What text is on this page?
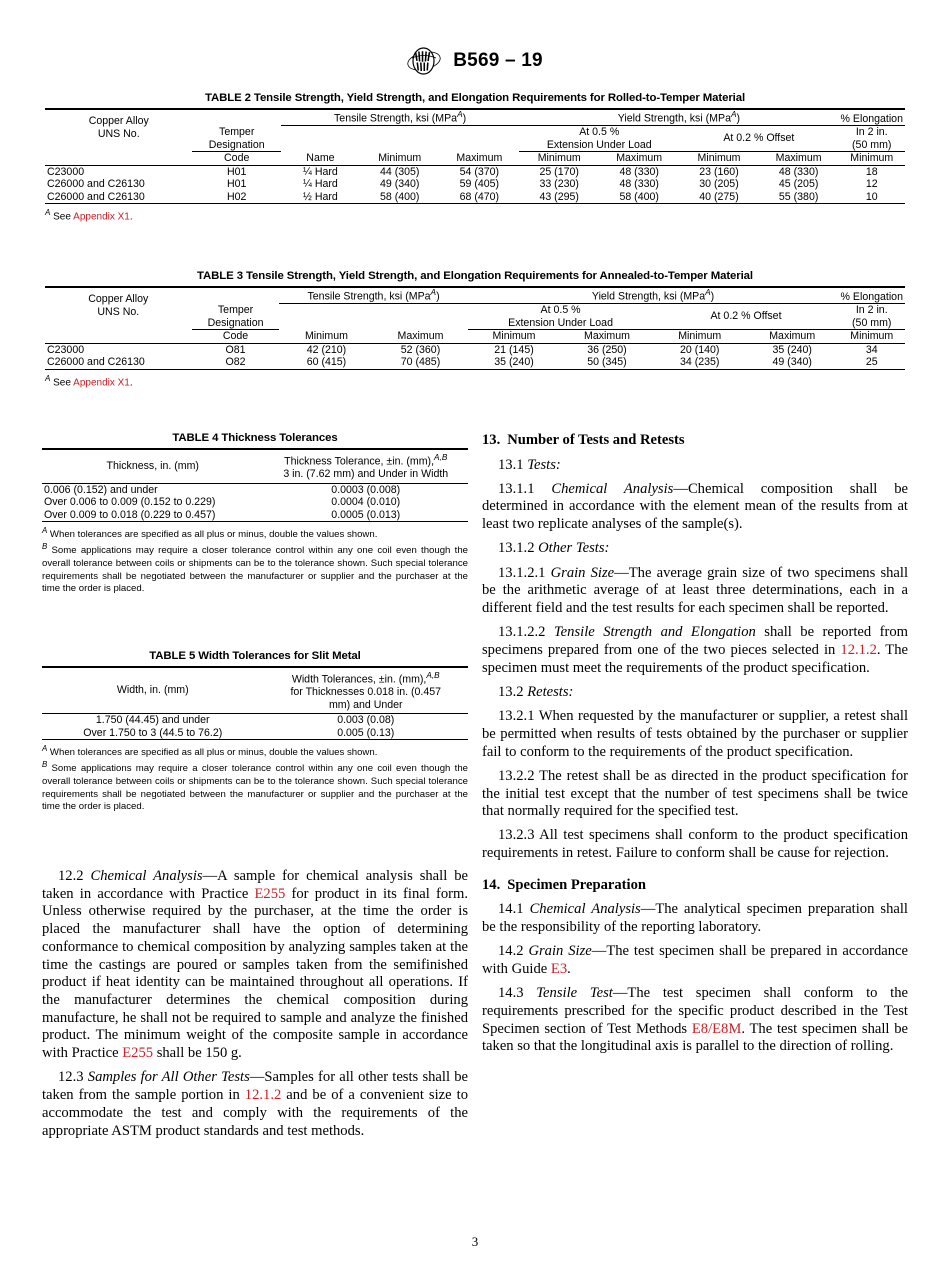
B569 – 19
TABLE 2 Tensile Strength, Yield Strength, and Elongation Requirements for Rolled-to-Temper Material
Copper Alloy
UNS No.		Tensile Strength, ksi (MPa$^A$)			Yield Strength, ksi (MPa$^A$)				% Elongation
	Temper				At 0.5 %		At 0.2 % Offset		In 2 in.
	Designation				Extension Under Load				(50 mm)
	Code	Name	Minimum	Maximum	Minimum	Maximum	Minimum	Maximum	Minimum
C23000	H01	¼ Hard	44 (305)	54 (370)	25 (170)	48 (330)	23 (160)	48 (330)	18
C26000 and C26130	H01	¼ Hard	49 (340)	59 (405)	33 (230)	48 (330)	30 (205)	45 (205)	12
C26000 and C26130	H02	½ Hard	58 (400)	68 (470)	43 (295)	58 (400)	40 (275)	55 (380)	10
$^A$ See Appendix X1.
TABLE 3 Tensile Strength, Yield Strength, and Elongation Requirements for Annealed-to-Temper Material
Copper Alloy
UNS No.		Tensile Strength, ksi (MPa$^A$)		Yield Strength, ksi (MPa$^A$)				% Elongation
	Temper			At 0.5 %		At 0.2 % Offset		In 2 in.
	Designation			Extension Under Load				(50 mm)
	Code	Minimum	Maximum	Minimum	Maximum	Minimum	Maximum	Minimum
C23000	O81	42 (210)	52 (360)	21 (145)	36 (250)	20 (140)	35 (240)	34
C26000 and C26130	O82	60 (415)	70 (485)	35 (240)	50 (345)	34 (235)	49 (340)	25
$^A$ See Appendix X1.
TABLE 4 Thickness Tolerances
Thickness, in. (mm)	Thickness Tolerance, ±in. (mm),$^{A,B}$
3 in. (7.62 mm) and Under in Width

0.006 (0.152) and under	0.0003 (0.008)
Over 0.006 to 0.009 (0.152 to 0.229)	0.0004 (0.010)
Over 0.009 to 0.018 (0.229 to 0.457)	0.0005 (0.013)

$^A$ When tolerances are specified as all plus or minus, double the values shown.

$^B$ Some applications may require a closer tolerance control within any one coil even though the overall tolerance between coils or shipments can be to the tolerance shown. Such special tolerance requirements shall be negotiated between the manufacturer or supplier and the purchaser at the time the order is placed.

TABLE 5 Width Tolerances for Slit Metal
Width, in. (mm)	Width Tolerances, ±in. (mm),$^{A,B}$
for Thicknesses 0.018 in. (0.457
mm) and Under

1.750 (44.45) and under	0.003 (0.08)
Over 1.750 to 3 (44.5 to 76.2)	0.005 (0.13)

$^A$ When tolerances are specified as all plus or minus, double the values shown.

$^B$ Some applications may require a closer tolerance control within any one coil even though the overall tolerance between coils or shipments can be to the tolerance shown. Such special tolerance requirements shall be negotiated between the manufacturer or supplier and the purchaser at the time the order is placed.

12.2 Chemical Analysis—A sample for chemical analysis shall be taken in accordance with Practice E255 for product in its final form. Unless otherwise required by the purchaser, at the time the order is placed the manufacturer shall have the option of determining conformance to chemical composition by analyzing samples taken at the time the castings are poured or samples taken from the semifinished product if heat identity can be maintained throughout all operations. If the manufacturer determines the chemical composition during manufacture, he shall not be required to sample and analyze the finished product. The minimum weight of the composite sample in accordance with Practice E255 shall be 150 g.

12.3 Samples for All Other Tests—Samples for all other tests shall be taken from the sample portion in 12.1.2 and be of a convenient size to accommodate the test and comply with the requirements of the appropriate ASTM product standards and test methods.

13. Number of Tests and Retests

13.1 Tests:

13.1.1 Chemical Analysis—Chemical composition shall be determined in accordance with the element mean of the results from at least two replicate analyses of the sample(s).

13.1.2 Other Tests:

13.1.2.1 Grain Size—The average grain size of two specimens shall be the arithmetic average of at least three determinations, each in a different field and the test results for each specimen shall be reported.

13.1.2.2 Tensile Strength and Elongation shall be reported from specimens prepared from one of the two pieces selected in 12.1.2. The specimen must meet the requirements of the product specification.

13.2 Retests:

13.2.1 When requested by the manufacturer or supplier, a retest shall be permitted when results of tests obtained by the purchaser or supplier fail to conform to the requirements of the product specification.

13.2.2 The retest shall be as directed in the product specification for the initial test except that the number of test specimens shall be twice that normally required for the specified test.

13.2.3 All test specimens shall conform to the product specification requirements in retest. Failure to conform shall be cause for rejection.

14. Specimen Preparation

14.1 Chemical Analysis—The analytical specimen preparation shall be the responsibility of the reporting laboratory.

14.2 Grain Size—The test specimen shall be prepared in accordance with Guide E3.

14.3 Tensile Test—The test specimen shall conform to the requirements prescribed for the specific product described in the Test Specimen section of Test Methods E8/E8M. The test specimen shall be taken so that the longitudinal axis is parallel to the direction of rolling.

3
